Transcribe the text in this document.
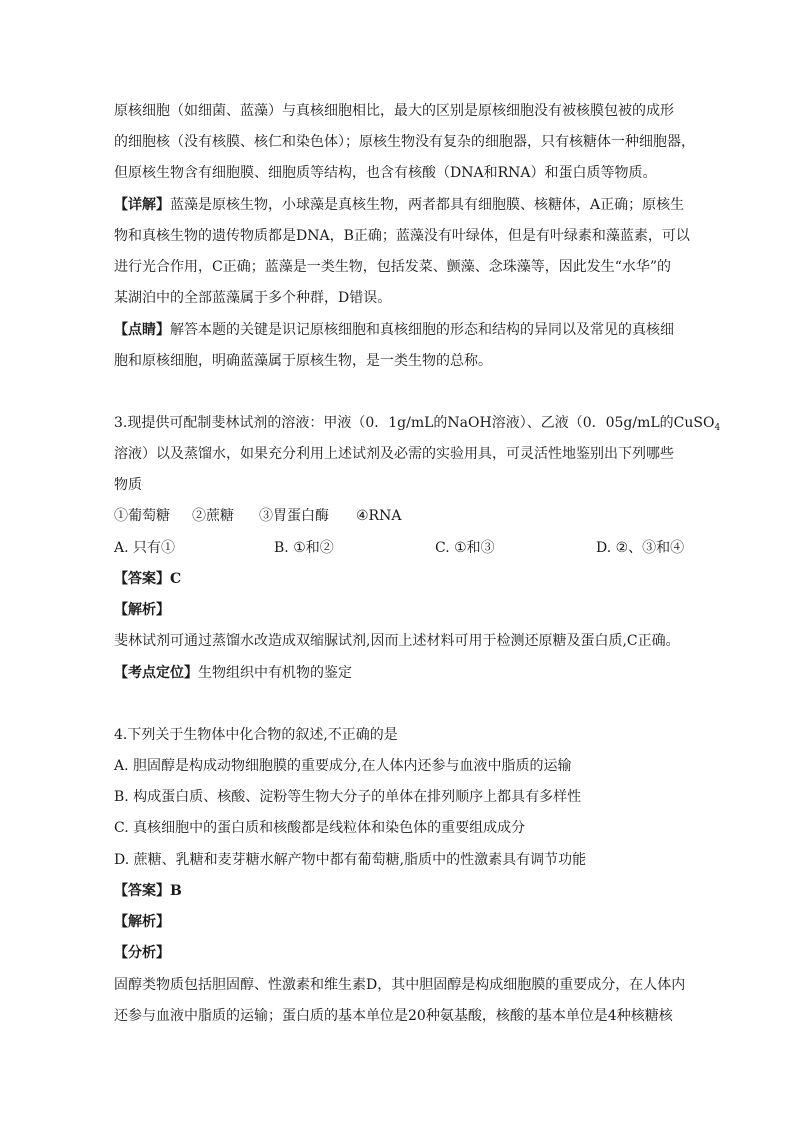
原核细胞（如细菌、蓝藻）与真核细胞相比，最大的区别是原核细胞没有被核膜包被的成形
的细胞核（没有核膜、核仁和染色体）；原核生物没有复杂的细胞器，只有核糖体一种细胞器，
但原核生物含有细胞膜、细胞质等结构，也含有核酸（DNA和RNA）和蛋白质等物质。
【详解】蓝藻是原核生物，小球藻是真核生物，两者都具有细胞膜、核糖体，A正确；原核生
物和真核生物的遗传物质都是DNA，B正确；蓝藻没有叶绿体，但是有叶绿素和藻蓝素，可以
进行光合作用，C正确；蓝藻是一类生物，包括发菜、颤藻、念珠藻等，因此发生“水华”的
某湖泊中的全部蓝藻属于多个种群，D错误。
【点睛】解答本题的关键是识记原核细胞和真核细胞的形态和结构的异同以及常见的真核细
胞和原核细胞，明确蓝藻属于原核生物，是一类生物的总称。
3.现提供可配制斐林试剂的溶液：甲液（0．1g/mL的NaOH溶液）、乙液（0．05g/mL的CuSO$_4$
溶液）以及蒸馏水，如果充分利用上述试剂及必需的实验用具，可灵活性地鉴别出下列哪些
物质
①葡萄糖 ②蔗糖 ③胃蛋白酶 ④RNA
A. 只有①	B. ①和②	C. ①和③	D. ②、③和④
【答案】C
【解析】
斐林试剂可通过蒸馏水改造成双缩脲试剂,因而上述材料可用于检测还原糖及蛋白质,C正确。
【考点定位】生物组织中有机物的鉴定
4.下列关于生物体中化合物的叙述,不正确的是
A. 胆固醇是构成动物细胞膜的重要成分,在人体内还参与血液中脂质的运输
B. 构成蛋白质、核酸、淀粉等生物大分子的单体在排列顺序上都具有多样性
C. 真核细胞中的蛋白质和核酸都是线粒体和染色体的重要组成成分
D. 蔗糖、乳糖和麦芽糖水解产物中都有葡萄糖,脂质中的性激素具有调节功能
【答案】B
【解析】
【分析】
固醇类物质包括胆固醇、性激素和维生素D，其中胆固醇是构成细胞膜的重要成分，在人体内
还参与血液中脂质的运输；蛋白质的基本单位是20种氨基酸，核酸的基本单位是4种核糖核
